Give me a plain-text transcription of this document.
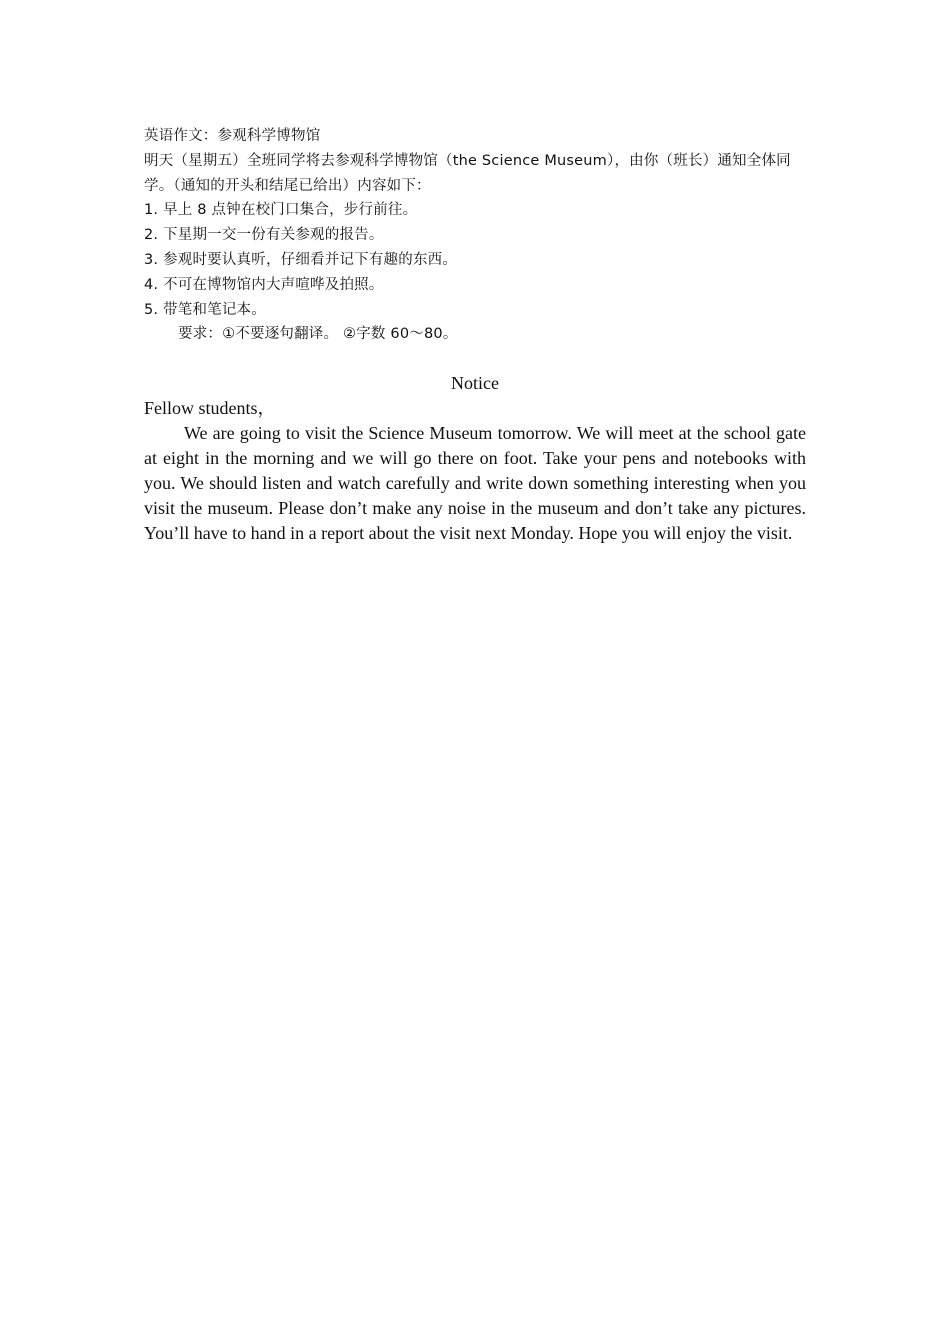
英语作文：参观科学博物馆

明天（星期五）全班同学将去参观科学博物馆（the Science Museum），由你（班长）通知全体同学。（通知的开头和结尾已给出）内容如下：

1. 早上 8 点钟在校门口集合，步行前往。

2. 下星期一交一份有关参观的报告。

3. 参观时要认真听，仔细看并记下有趣的东西。

4. 不可在博物馆内大声喧哗及拍照。

5. 带笔和笔记本。

要求：①不要逐句翻译。 ②字数 60～80。

Notice

Fellow students，

We are going to visit the Science Museum tomorrow. We will meet at the school gate at eight in the morning and we will go there on foot. Take your pens and notebooks with you. We should listen and watch carefully and write down something interesting when you visit the museum. Please don’t make any noise in the museum and don’t take any pictures. You’ll have to hand in a report about the visit next Monday. Hope you will enjoy the visit.
